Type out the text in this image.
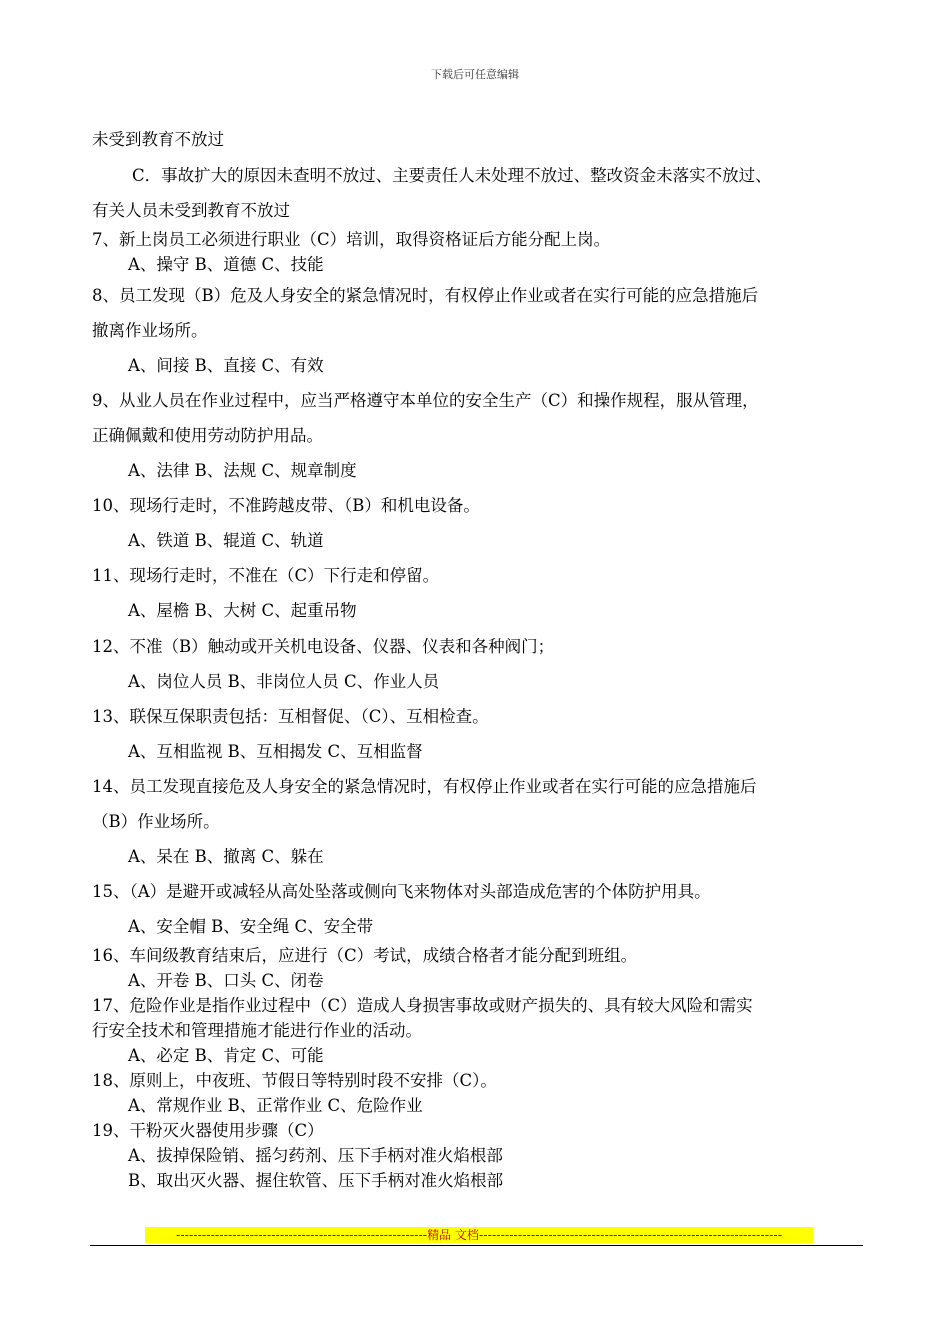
下载后可任意编辑
未受到教育不放过
C．事故扩大的原因未查明不放过、主要责任人未处理不放过、整改资金未落实不放过、
有关人员未受到教育不放过
7、新上岗员工必须进行职业（C）培训，取得资格证后方能分配上岗。
A、操守 B、道德 C、技能
8、员工发现（B）危及人身安全的紧急情况时，有权停止作业或者在实行可能的应急措施后
撤离作业场所。
A、间接 B、直接 C、有效
9、从业人员在作业过程中，应当严格遵守本单位的安全生产（C）和操作规程，服从管理，
正确佩戴和使用劳动防护用品。
A、法律 B、法规 C、规章制度
10、现场行走时，不准跨越皮带、（B）和机电设备。
A、铁道 B、辊道 C、轨道
11、现场行走时，不准在（C）下行走和停留。
A、屋檐 B、大树 C、起重吊物
12、不准（B）触动或开关机电设备、仪器、仪表和各种阀门；
A、岗位人员 B、非岗位人员 C、作业人员
13、联保互保职责包括：互相督促、（C）、互相检查。
A、互相监视 B、互相揭发 C、互相监督
14、员工发现直接危及人身安全的紧急情况时，有权停止作业或者在实行可能的应急措施后
（B）作业场所。
A、呆在 B、撤离 C、躲在
15、（A）是避开或减轻从高处坠落或侧向飞来物体对头部造成危害的个体防护用具。
A、安全帽 B、安全绳 C、安全带
16、车间级教育结束后，应进行（C）考试，成绩合格者才能分配到班组。
A、开卷 B、口头 C、闭卷
17、危险作业是指作业过程中（C）造成人身损害事故或财产损失的、具有较大风险和需实
行安全技术和管理措施才能进行作业的活动。
A、必定 B、肯定 C、可能
18、原则上，中夜班、节假日等特别时段不安排（C）。
A、常规作业 B、正常作业 C、危险作业
19、干粉灭火器使用步骤（C）
A、拔掉保险销、摇匀药剂、压下手柄对准火焰根部
B、取出灭火器、握住软管、压下手柄对准火焰根部
----------------------------------------------------------精品 文档----------------------------------------------------------------------
